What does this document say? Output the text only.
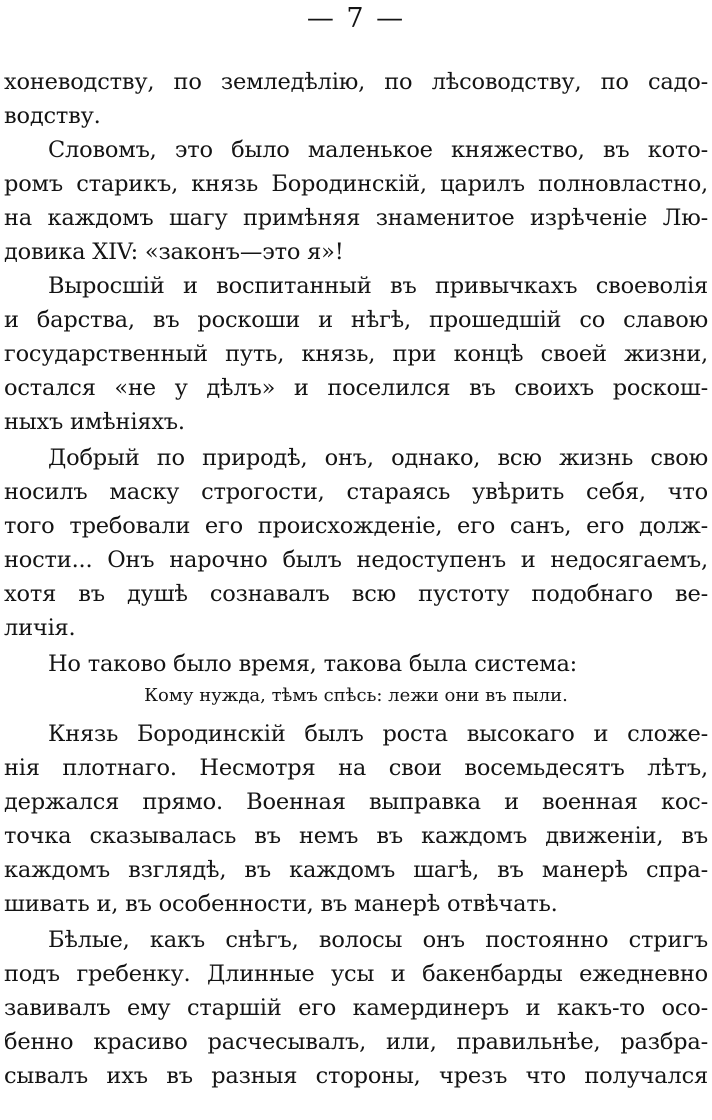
— 7 —
хоневодству, по земледѣлію, по лѣсоводству, по садо-
водству.
Словомъ, это было маленькое княжество, въ кото-
ромъ старикъ, князь Бородинскій, царилъ полновластно,
на каждомъ шагу примѣняя знаменитое изрѣченіе Лю-
довика XIV: «законъ—это я»!
Выросшій и воспитанный въ привычкахъ своеволія
и барства, въ роскоши и нѣгѣ, прошедшій со славою
государственный путь, князь, при концѣ своей жизни,
остался «не у дѣлъ» и поселился въ своихъ роскош-
ныхъ имѣніяхъ.
Добрый по природѣ, онъ, однако, всю жизнь свою
носилъ маску строгости, стараясь увѣрить себя, что
того требовали его происхожденіе, его санъ, его долж-
ности... Онъ нарочно былъ недоступенъ и недосягаемъ,
хотя въ душѣ сознавалъ всю пустоту подобнаго ве-
личія.
Но таково было время, такова была система:
Кому нужда, тѣмъ спѣсь: лежи они въ пыли.
Князь Бородинскій былъ роста высокаго и сложе-
нія плотнаго. Несмотря на свои восемьдесятъ лѣтъ,
держался прямо. Военная выправка и военная кос-
точка сказывалась въ немъ въ каждомъ движеніи, въ
каждомъ взглядѣ, въ каждомъ шагѣ, въ манерѣ спра-
шивать и, въ особенности, въ манерѣ отвѣчать.
Бѣлые, какъ снѣгъ, волосы онъ постоянно стригъ
подъ гребенку. Длинные усы и бакенбарды ежедневно
завивалъ ему старшій его камердинеръ и какъ-то осо-
бенно красиво расчесывалъ, или, правильнѣе, разбра-
сывалъ ихъ въ разныя стороны, чрезъ что получался
